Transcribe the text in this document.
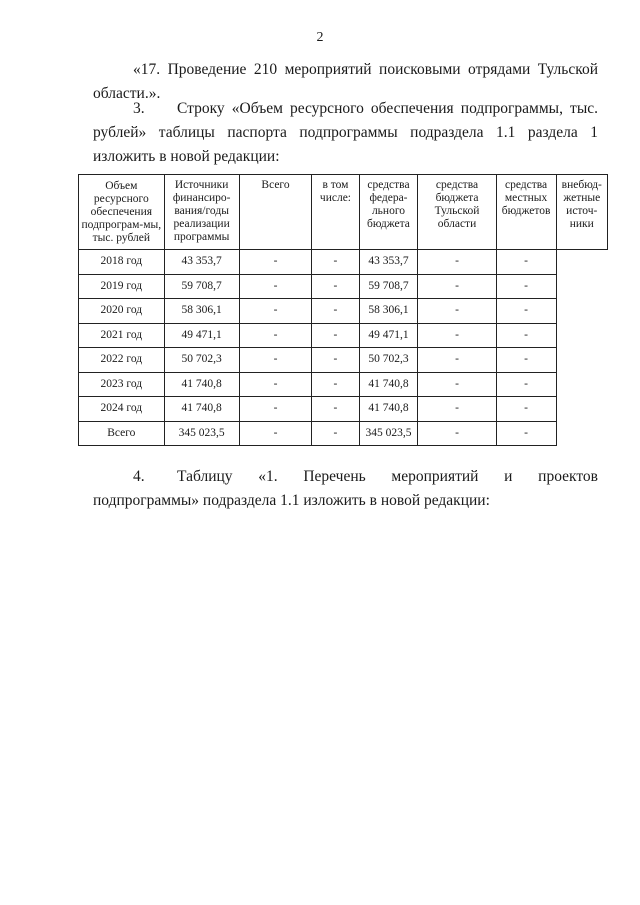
2

«17. Проведение 210 мероприятий поисковыми отрядами Тульской области.».

3. Строку «Объем ресурсного обеспечения подпрограммы, тыс. рублей» таблицы паспорта подпрограммы подраздела 1.1 раздела 1 изложить в новой редакции:

Объем ресурсного обеспечения подпрограм-мы, тыс. рублей	Источники финансиро-вания/годы реализации программы	Всего	в том числе:	средства федера-льного бюджета	средства бюджета Тульской области	средства местных бюджетов	внебюд-жетные источ-ники
2018 год	43 353,7	-	-	43 353,7	-	-	
2019 год	59 708,7	-	-	59 708,7	-	-	
2020 год	58 306,1	-	-	58 306,1	-	-	
2021 год	49 471,1	-	-	49 471,1	-	-	
2022 год	50 702,3	-	-	50 702,3	-	-	
2023 год	41 740,8	-	-	41 740,8	-	-	
2024 год	41 740,8	-	-	41 740,8	-	-	
Всего	345 023,5	-	-	345 023,5	-	-	

4. Таблицу «1. Перечень мероприятий и проектов подпрограммы» подраздела 1.1 изложить в новой редакции:
